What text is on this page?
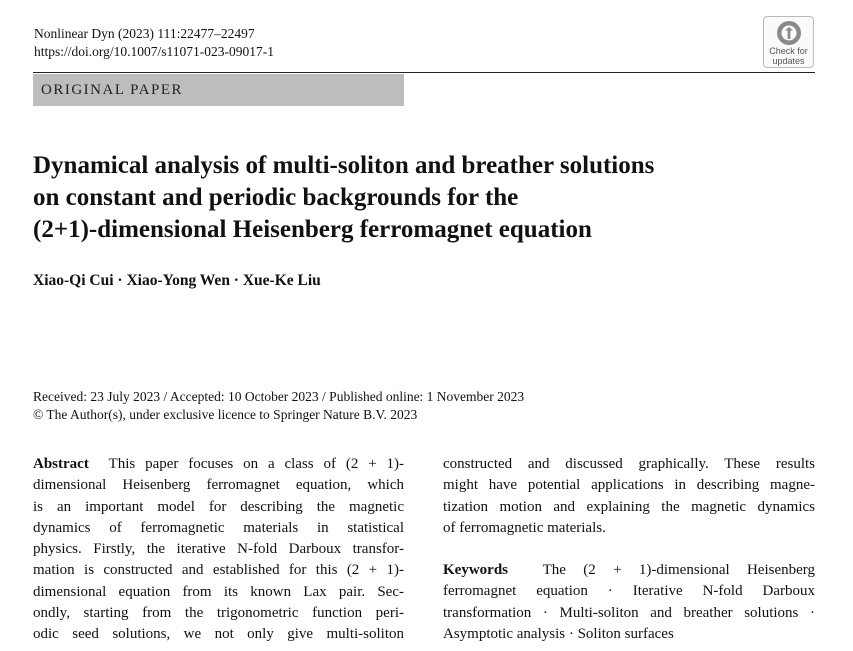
Nonlinear Dyn (2023) 111:22477–22497
https://doi.org/10.1007/s11071-023-09017-1	Check for
updates
ORIGINAL PAPER
Dynamical analysis of multi-soliton and breather solutions
on constant and periodic backgrounds for the
(2+1)-dimensional Heisenberg ferromagnet equation
Xiao-Qi Cui · Xiao-Yong Wen · Xue-Ke Liu
Received: 23 July 2023 / Accepted: 10 October 2023 / Published online: 1 November 2023
© The Author(s), under exclusive licence to Springer Nature B.V. 2023
Abstract This paper focuses on a class of (2 + 1)-
dimensional Heisenberg ferromagnet equation, which
is an important model for describing the magnetic
dynamics of ferromagnetic materials in statistical
physics. Firstly, the iterative N-fold Darboux transfor-
mation is constructed and established for this (2 + 1)-
dimensional equation from its known Lax pair. Sec-
ondly, starting from the trigonometric function peri-
odic seed solutions, we not only give multi-soliton
constructed and discussed graphically. These results
might have potential applications in describing magne-
tization motion and explaining the magnetic dynamics
of ferromagnetic materials.
Keywords The (2 + 1)-dimensional Heisenberg
ferromagnet equation · Iterative N-fold Darboux
transformation · Multi-soliton and breather solutions ·
Asymptotic analysis · Soliton surfaces
